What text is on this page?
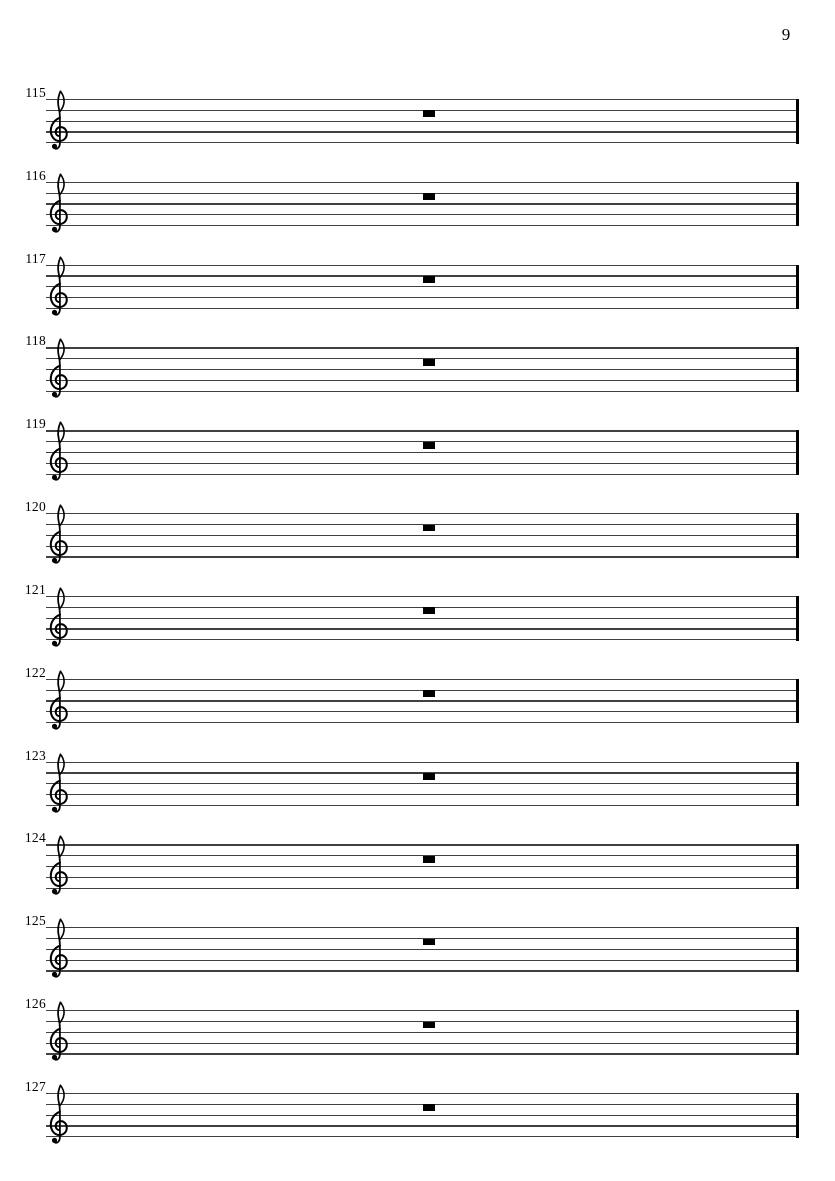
9
115
116
117
118
119
120
121
122
123
124
125
126
127
